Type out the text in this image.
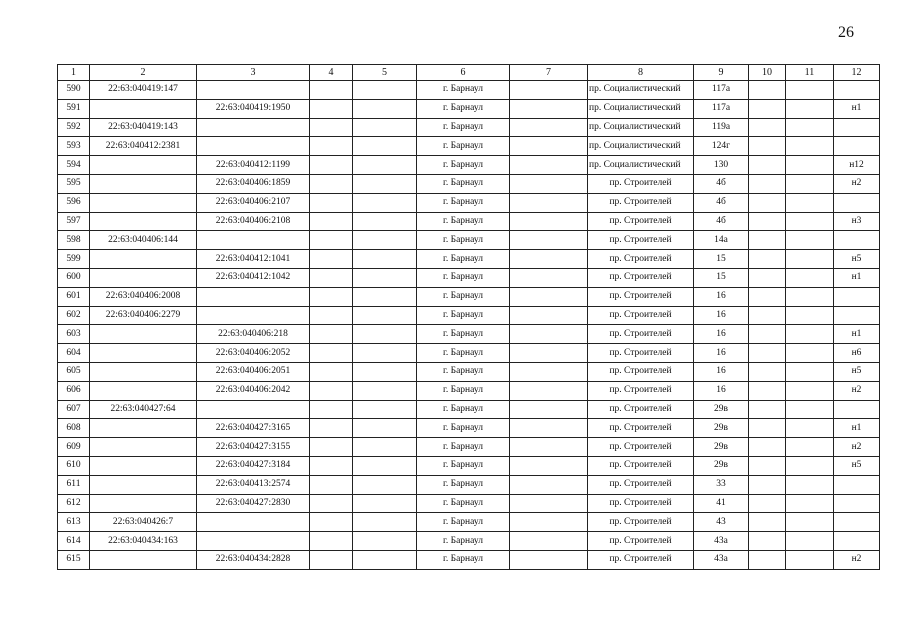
26
1	2	3	4	5	6	7	8	9	10	11	12
590	22:63:040419:147				г. Барнаул		пр. Социалистический	117а			
591		22:63:040419:1950			г. Барнаул		пр. Социалистический	117а			н1
592	22:63:040419:143				г. Барнаул		пр. Социалистический	119а			
593	22:63:040412:2381				г. Барнаул		пр. Социалистический	124г			
594		22:63:040412:1199			г. Барнаул		пр. Социалистический	130			н12
595		22:63:040406:1859			г. Барнаул		пр. Строителей	4б			н2
596		22:63:040406:2107			г. Барнаул		пр. Строителей	4б			
597		22:63:040406:2108			г. Барнаул		пр. Строителей	4б			н3
598	22:63:040406:144				г. Барнаул		пр. Строителей	14а			
599		22:63:040412:1041			г. Барнаул		пр. Строителей	15			н5
600		22:63:040412:1042			г. Барнаул		пр. Строителей	15			н1
601	22:63:040406:2008				г. Барнаул		пр. Строителей	16			
602	22:63:040406:2279				г. Барнаул		пр. Строителей	16			
603		22:63:040406:218			г. Барнаул		пр. Строителей	16			н1
604		22:63:040406:2052			г. Барнаул		пр. Строителей	16			н6
605		22:63:040406:2051			г. Барнаул		пр. Строителей	16			н5
606		22:63:040406:2042			г. Барнаул		пр. Строителей	16			н2
607	22:63:040427:64				г. Барнаул		пр. Строителей	29в			
608		22:63:040427:3165			г. Барнаул		пр. Строителей	29в			н1
609		22:63:040427:3155			г. Барнаул		пр. Строителей	29в			н2
610		22:63:040427:3184			г. Барнаул		пр. Строителей	29в			н5
611		22:63:040413:2574			г. Барнаул		пр. Строителей	33			
612		22:63:040427:2830			г. Барнаул		пр. Строителей	41			
613	22:63:040426:7				г. Барнаул		пр. Строителей	43			
614	22:63:040434:163				г. Барнаул		пр. Строителей	43а			
615		22:63:040434:2828			г. Барнаул		пр. Строителей	43а			н2
